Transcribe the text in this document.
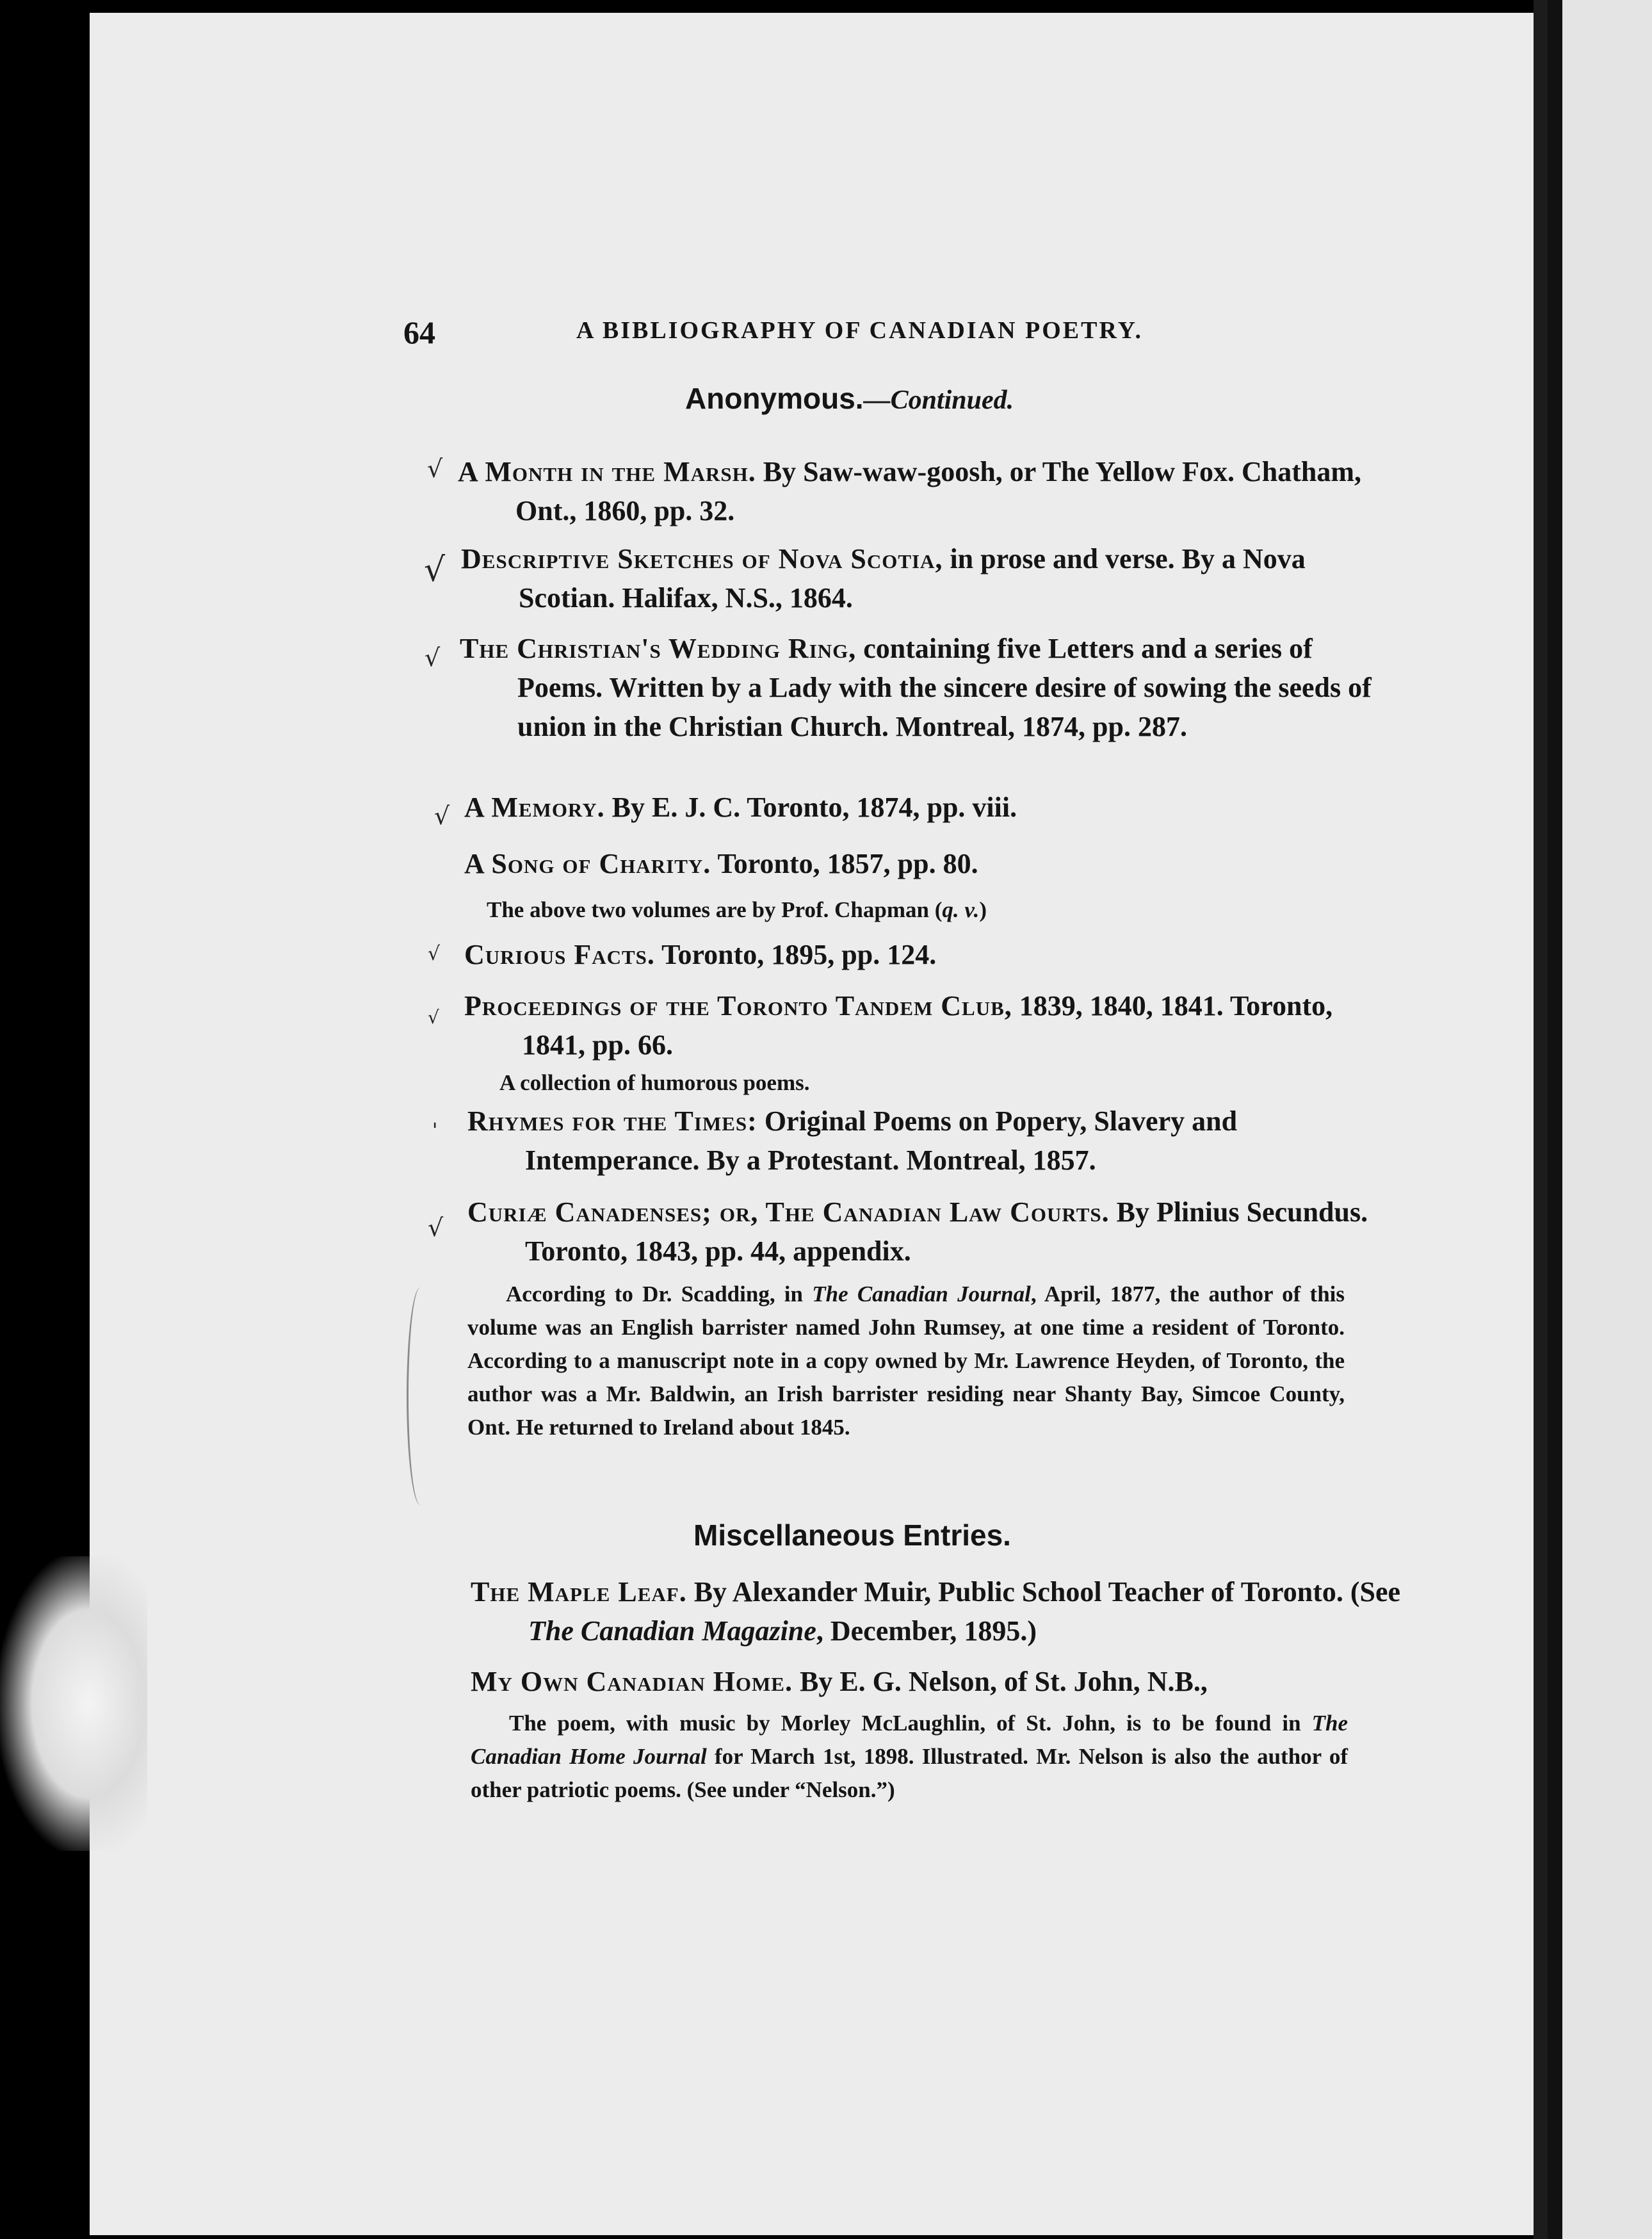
64	A BIBLIOGRAPHY OF CANADIAN POETRY.
Anonymous.—Continued.
√ A Month in the Marsh. By Saw-waw-goosh, or The Yellow Fox. Chatham, Ont., 1860, pp. 32.
√ Descriptive Sketches of Nova Scotia, in prose and verse. By a Nova Scotian. Halifax, N.S., 1864.
√ The Christian's Wedding Ring, containing five Letters and a series of Poems. Written by a Lady with the sincere desire of sowing the seeds of union in the Christian Church. Montreal, 1874, pp. 287.
√ A Memory. By E. J. C. Toronto, 1874, pp. viii.
A Song of Charity. Toronto, 1857, pp. 80.
The above two volumes are by Prof. Chapman (q. v.)
√ Curious Facts. Toronto, 1895, pp. 124.
√ Proceedings of the Toronto Tandem Club, 1839, 1840, 1841. Toronto, 1841, pp. 66.
A collection of humorous poems.
' Rhymes for the Times: Original Poems on Popery, Slavery and Intemperance. By a Protestant. Montreal, 1857.
√ Curiæ Canadenses; or, The Canadian Law Courts. By Plinius Secundus. Toronto, 1843, pp. 44, appendix.
According to Dr. Scadding, in The Canadian Journal, April, 1877, the author of this volume was an English barrister named John Rumsey, at one time a resident of Toronto. According to a manuscript note in a copy owned by Mr. Lawrence Heyden, of Toronto, the author was a Mr. Baldwin, an Irish barrister residing near Shanty Bay, Simcoe County, Ont. He returned to Ireland about 1845.
Miscellaneous Entries.
The Maple Leaf. By Alexander Muir, Public School Teacher of Toronto. (See The Canadian Magazine, December, 1895.)
My Own Canadian Home. By E. G. Nelson, of St. John, N.B.,
The poem, with music by Morley McLaughlin, of St. John, is to be found in The Canadian Home Journal for March 1st, 1898. Illustrated. Mr. Nelson is also the author of other patriotic poems. (See under “Nelson.”)
